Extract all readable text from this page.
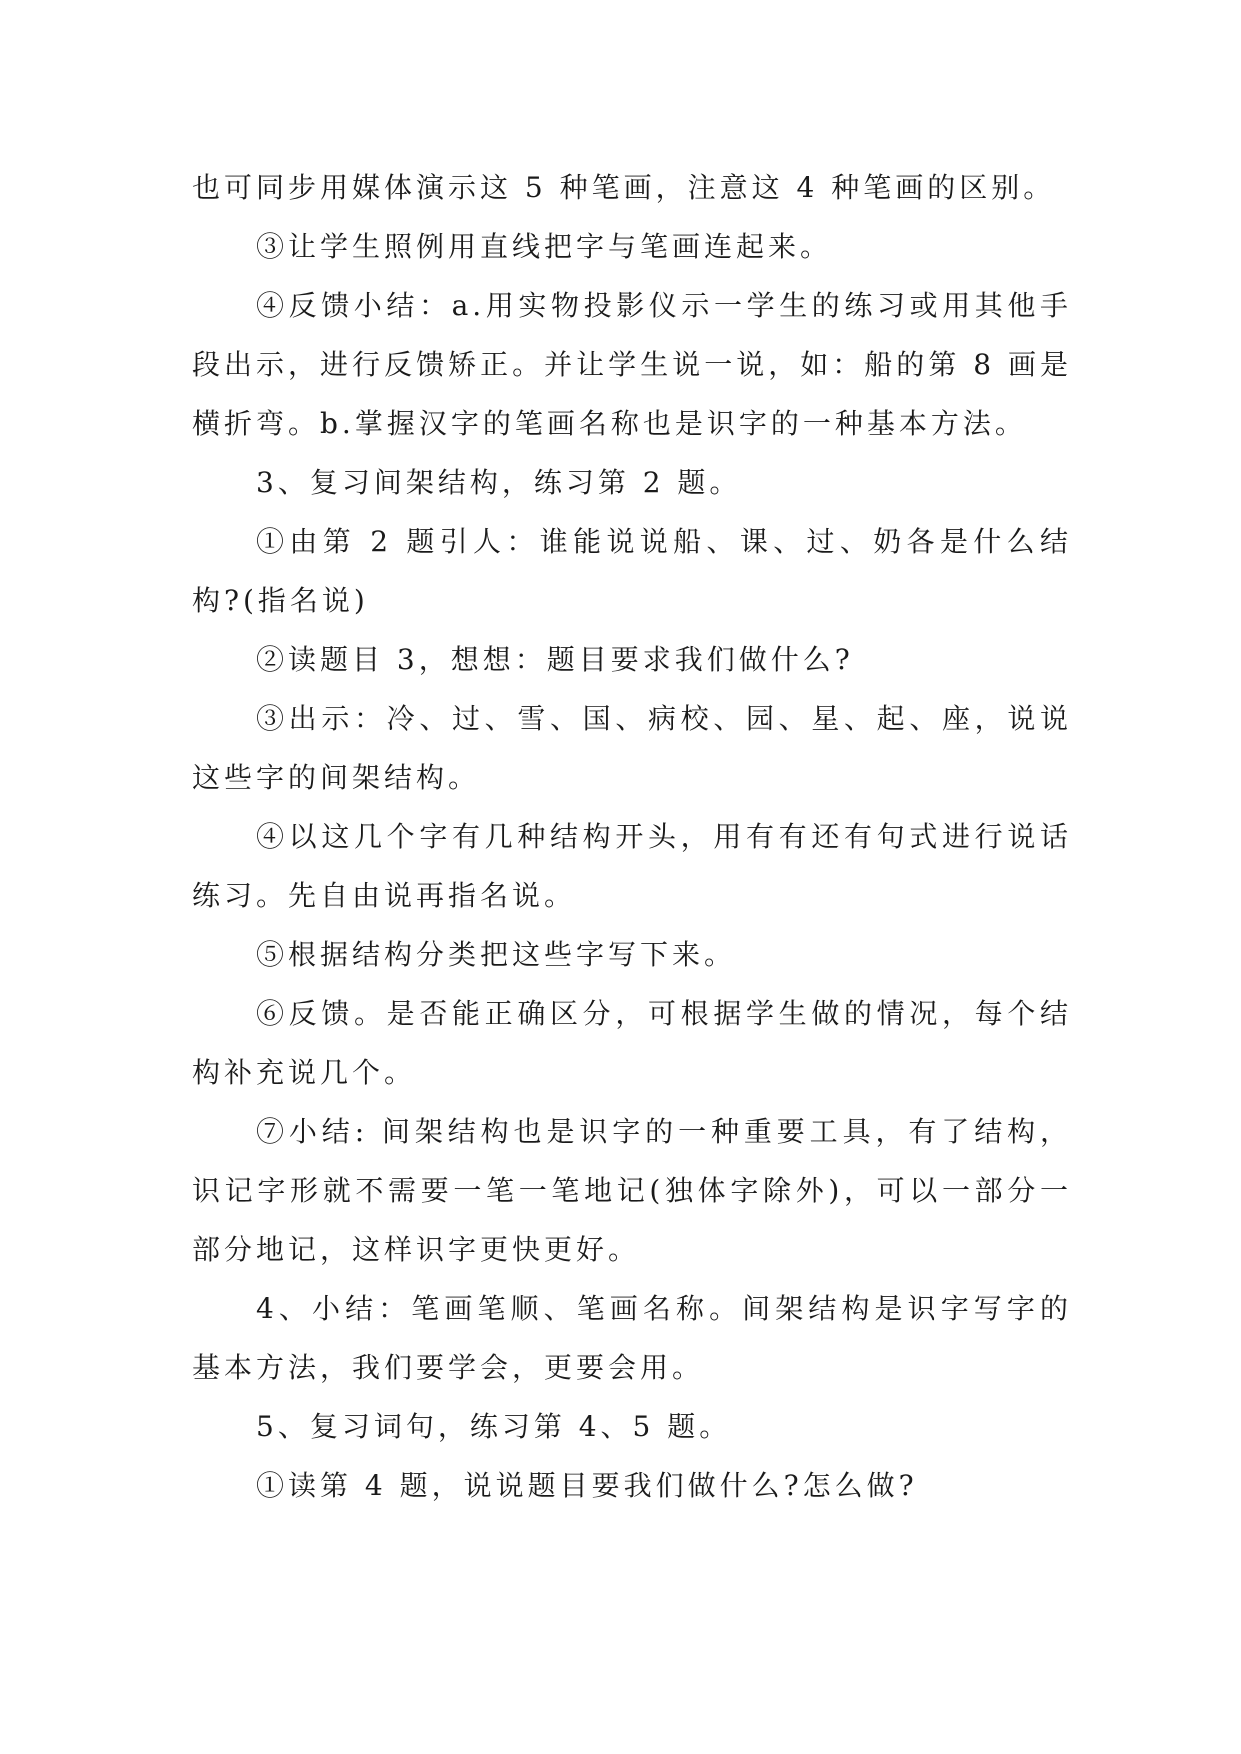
也可同步用媒体演示这 5 种笔画，注意这 4 种笔画的区别。

③让学生照例用直线把字与笔画连起来。

④反馈小结：a.用实物投影仪示一学生的练习或用其他手段出示，进行反馈矫正。并让学生说一说，如：船的第 8 画是横折弯。b.掌握汉字的笔画名称也是识字的一种基本方法。

3、复习间架结构，练习第 2 题。

①由第 2 题引人：谁能说说船、课、过、奶各是什么结构?(指名说)

②读题目 3，想想：题目要求我们做什么?

③出示：冷、过、雪、国、病校、园、星、起、座，说说这些字的间架结构。

④以这几个字有几种结构开头，用有有还有句式进行说话练习。先自由说再指名说。

⑤根据结构分类把这些字写下来。

⑥反馈。是否能正确区分，可根据学生做的情况，每个结构补充说几个。

⑦小结: 间架结构也是识字的一种重要工具，有了结构，识记字形就不需要一笔一笔地记(独体字除外)，可以一部分一部分地记，这样识字更快更好。

4、小结：笔画笔顺、笔画名称。间架结构是识字写字的基本方法，我们要学会，更要会用。

5、复习词句，练习第 4、5 题。

①读第 4 题，说说题目要我们做什么?怎么做?
